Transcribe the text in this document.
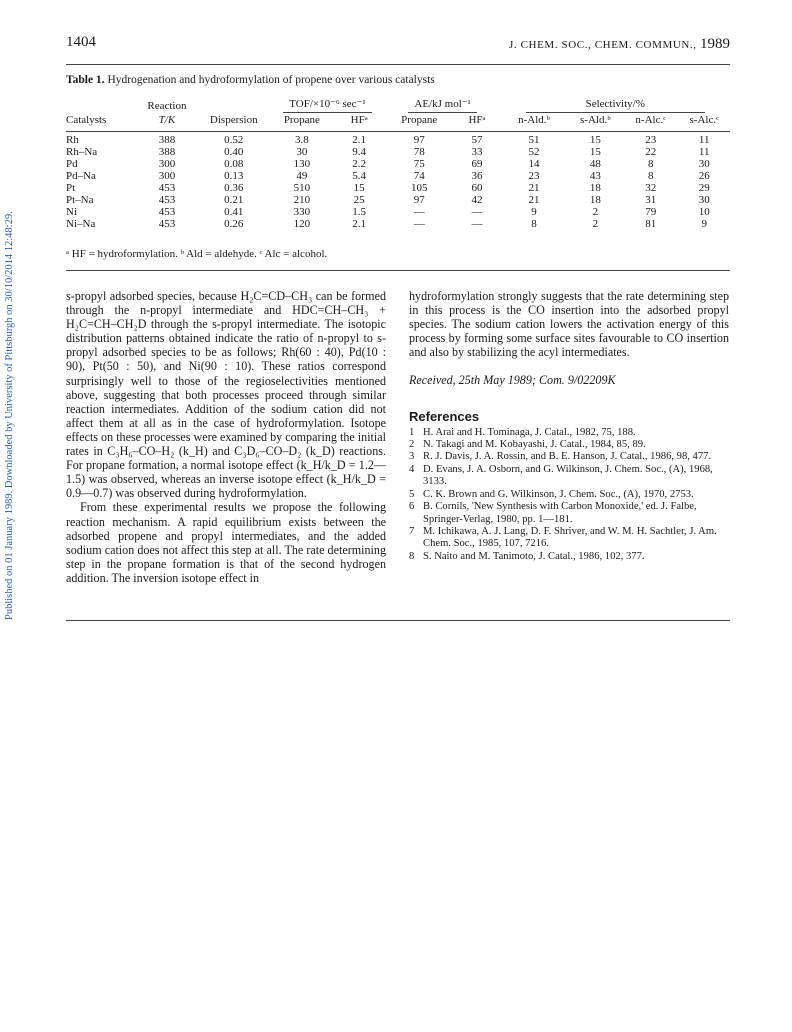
Published on 01 January 1989. Downloaded by University of Pittsburgh on 30/10/2014 12:48:29.
1404	J. CHEM. SOC., CHEM. COMMUN., 1989
Table 1. Hydrogenation and hydroformylation of propene over various catalysts
	Reaction		TOF/×10⁻⁶ sec⁻¹		AE/kJ mol⁻¹		Selectivity/%			
Catalysts	T/K	Dispersion	Propane	HFᵃ	Propane	HFᵃ	n-Ald.ᵇ	s-Ald.ᵇ	n-Alc.ᶜ	s-Alc.ᶜ
Rh	388	0.52	3.8	2.1	97	57	51	15	23	11
Rh–Na	388	0.40	30	9.4	78	33	52	15	22	11
Pd	300	0.08	130	2.2	75	69	14	48	8	30
Pd–Na	300	0.13	49	5.4	74	36	23	43	8	26
Pt	453	0.36	510	15	105	60	21	18	32	29
Pt–Na	453	0.21	210	25	97	42	21	18	31	30
Ni	453	0.41	330	1.5	—	—	9	2	79	10
Ni–Na	453	0.26	120	2.1	—	—	8	2	81	9
ᵃ HF = hydroformylation. ᵇ Ald = aldehyde. ᶜ Alc = alcohol.

s-propyl adsorbed species, because H₂C=CD–CH₃ can be formed through the n-propyl intermediate and HDC=CH–CH₃ + H₂C=CH–CH₂D through the s-propyl intermediate. The isotopic distribution patterns obtained indicate the ratio of n-propyl to s-propyl adsorbed species to be as follows; Rh(60 : 40), Pd(10 : 90), Pt(50 : 50), and Ni(90 : 10). These ratios correspond surprisingly well to those of the regioselectivities mentioned above, suggesting that both processes proceed through similar reaction intermediates. Addition of the sodium cation did not affect them at all as in the case of hydroformylation. Isotope effects on these processes were examined by comparing the initial rates in C₃H₆–CO–H₂ (k_H) and C₃D₆–CO–D₂ (k_D) reactions. For propane formation, a normal isotope effect (k_H/k_D = 1.2—1.5) was observed, whereas an inverse isotope effect (k_H/k_D = 0.9—0.7) was observed during hydroformylation.

From these experimental results we propose the following reaction mechanism. A rapid equilibrium exists between the adsorbed propene and propyl intermediates, and the added sodium cation does not affect this step at all. The rate determining step in the propane formation is that of the second hydrogen addition. The inversion isotope effect in

hydroformylation strongly suggests that the rate determining step in this process is the CO insertion into the adsorbed propyl species. The sodium cation lowers the activation energy of this process by forming some surface sites favourable to CO insertion and also by stabilizing the acyl intermediates.

Received, 25th May 1989; Com. 9/02209K

References
1 H. Arai and H. Tominaga, J. Catal., 1982, 75, 188.
2 N. Takagi and M. Kobayashi, J. Catal., 1984, 85, 89.
3 R. J. Davis, J. A. Rossin, and B. E. Hanson, J. Catal., 1986, 98, 477.
4 D. Evans, J. A. Osborn, and G. Wilkinson, J. Chem. Soc., (A), 1968, 3133.
5 C. K. Brown and G. Wilkinson, J. Chem. Soc., (A), 1970, 2753.
6 B. Cornils, 'New Synthesis with Carbon Monoxide,' ed. J. Falbe, Springer-Verlag, 1980, pp. 1—181.
7 M. Ichikawa, A. J. Lang, D. F. Shriver, and W. M. H. Sachtler, J. Am. Chem. Soc., 1985, 107, 7216.
8 S. Naito and M. Tanimoto, J. Catal., 1986, 102, 377.
